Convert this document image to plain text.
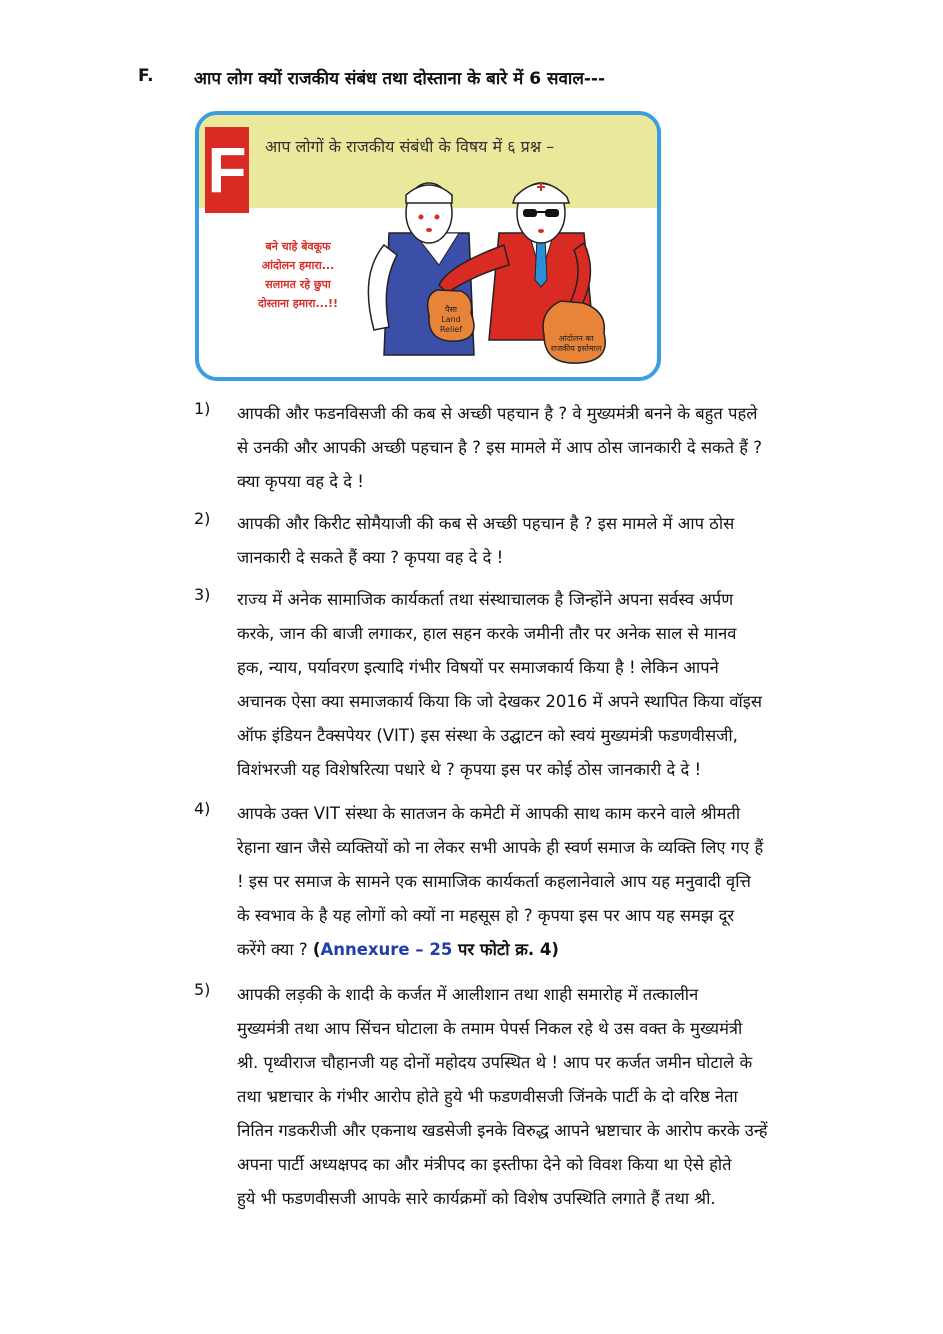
F. आप लोग क्यों राजकीय संबंध तथा दोस्ताना के बारे में 6 सवाल---
F आप लोगों के राजकीय संबंधी के विषय में ६ प्रश्न –
बने चाहे बेवकूफ
आंदोलन हमारा...
सलामत रहे छुपा
दोस्ताना हमारा...!!	पैसा
Land
Relief
आंदोलन का
राजकीय इस्तेमाल
1) आपकी और फडनविसजी की कब से अच्छी पहचान है ? वे मुख्यमंत्री बनने के बहुत पहले
से उनकी और आपकी अच्छी पहचान है ? इस मामले में आप ठोस जानकारी दे सकते हैं ?
क्या कृपया वह दे दे !
2) आपकी और किरीट सोमैयाजी की कब से अच्छी पहचान है ? इस मामले में आप ठोस
जानकारी दे सकते हैं क्या ? कृपया वह दे दे !
3) राज्य में अनेक सामाजिक कार्यकर्ता तथा संस्थाचालक है जिन्होंने अपना सर्वस्व अर्पण
करके, जान की बाजी लगाकर, हाल सहन करके जमीनी तौर पर अनेक साल से मानव
हक, न्याय, पर्यावरण इत्यादि गंभीर विषयों पर समाजकार्य किया है ! लेकिन आपने
अचानक ऐसा क्या समाजकार्य किया कि जो देखकर 2016 में अपने स्थापित किया वॉइस
ऑफ इंडियन टैक्सपेयर (VIT) इस संस्था के उद्घाटन को स्वयं मुख्यमंत्री फडणवीसजी,
विशंभरजी यह विशेषरित्या पधारे थे ? कृपया इस पर कोई ठोस जानकारी दे दे !
4) आपके उक्त VIT संस्था के सातजन के कमेटी में आपकी साथ काम करने वाले श्रीमती
रेहाना खान जैसे व्यक्तियों को ना लेकर सभी आपके ही स्वर्ण समाज के व्यक्ति लिए गए हैं
! इस पर समाज के सामने एक सामाजिक कार्यकर्ता कहलानेवाले आप यह मनुवादी वृत्ति
के स्वभाव के है यह लोगों को क्यों ना महसूस हो ? कृपया इस पर आप यह समझ दूर
करेंगे क्या ? (Annexure – 25 पर फोटो क्र. 4)
5) आपकी लड़की के शादी के कर्जत में आलीशान तथा शाही समारोह में तत्कालीन
मुख्यमंत्री तथा आप सिंचन घोटाला के तमाम पेपर्स निकल रहे थे उस वक्त के मुख्यमंत्री
श्री. पृथ्वीराज चौहानजी यह दोनों महोदय उपस्थित थे ! आप पर कर्जत जमीन घोटाले के
तथा भ्रष्टाचार के गंभीर आरोप होते हुये भी फडणवीसजी जिंनके पार्टी के दो वरिष्ठ नेता
नितिन गडकरीजी और एकनाथ खडसेजी इनके विरुद्ध आपने भ्रष्टाचार के आरोप करके उन्हें
अपना पार्टी अध्यक्षपद का और मंत्रीपद का इस्तीफा देने को विवश किया था ऐसे होते
हुये भी फडणवीसजी आपके सारे कार्यक्रमों को विशेष उपस्थिति लगाते हैं तथा श्री.
